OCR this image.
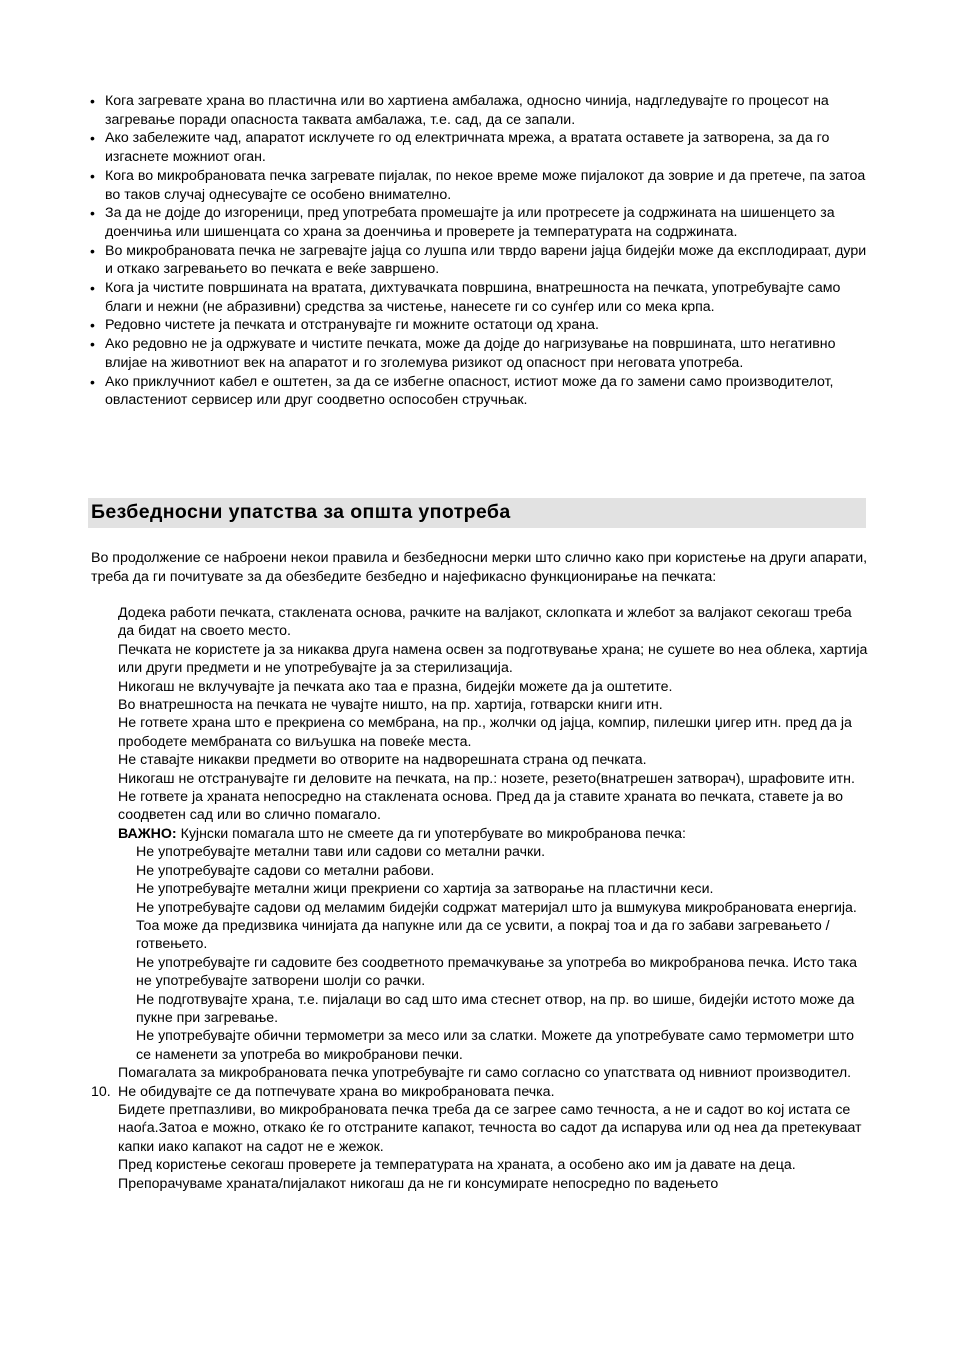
• Кога загревате храна во пластична или во хартиена амбалажа, односно чинија, надгледувајте го процесот на загревање поради опасноста таквата амбалажа, т.е. сад, да се запали.
• Ако забележите чад, апаратот исклучете го од електричната мрежа, а вратата оставете ја затворена, за да го изгаснете можниот оган.
• Кога во микробрановата печка загревате пијалак, по некое време може пијалокот да зоврие и да претече, па затоа во таков случај однесувајте се особено внимателно.
• За да не дојде до изгореници, пред употребата промешајте ја или протресете ја содржината на шишенцето за доенчиња или шишенцата со храна за доенчиња и проверете ја температурата на содржината.
• Во микробрановата печка не загревајте јајца со лушпа или тврдо варени јајца бидејќи може да експлодираат, дури и откако загревањето во печката е веќе завршено.
• Кога ја чистите површината на вратата, дихтувачката површина, внатрешноста на печката, употребувајте само благи и нежни (не абразивни) средства за чистење, нанесете ги со сунѓер или со мека крпа.
• Редовно чистете ја печката и отстранувајте ги можните остатоци од храна.
• Ако редовно не ја одржувате и чистите печката, може да дојде до нагризување на површината, што негативно влијае на животниот век на апаратот и го зголемува ризикот од опасност при неговата употреба.
• Ако приклучниот кабел е оштетен, за да се избегне опасност, истиот може да го замени само производителот, овластениот сервисер или друг соодветно оспособен стручњак.
Безбедносни упатства за општа употреба

Во продолжение се наброени некои правила и безбедносни мерки што слично како при користење на други апарати, треба да ги почитувате за да обезбедите безбедно и најефикасно функционирање на печката:

Додека работи печката, стаклената основа, рачките на валјакот, склопката и жлебот за валјакот секогаш треба да бидат на своето место.
Печката не користете ја за никаква друга намена освен за подготвување храна; не сушете во неа облека, хартија или други предмети и не употребувајте ја за стерилизација.
Никогаш не вклучувајте ја печката ако таа е празна, бидејќи можете да ја оштетите.
Во внатрешноста на печката не чувајте ништо, на пр. хартија, готварски книги итн.
Не гответе храна што е прекриена со мембрана, на пр., жолчки од јајца, компир, пилешки џигер итн. пред да ја прободете мембраната со виљушка на повеќе места.
Не ставајте никакви предмети во отворите на надворешната страна од печката.
Никогаш не отстранувајте ги деловите на печката, на пр.: нозете, резето(внатрешен затворач), шрафовите итн.
Не гответе ја храната непосредно на стаклената основа. Пред да ја ставите храната во печката, ставете ја во соодветен сад или во слично помагало.
ВАЖНО: Кујнски помагала што не смеете да ги употербувате во микробранова печка:
Не употребувајте метални тави или садови со метални рачки.
Не употребувајте садови со метални рабови.
Не употребувајте метални жици прекриени со хартија за затворање на пластични кеси.
Не употребувајте садови од меламим бидејќи содржат материјал што ја вшмукува микробрановата енергија. Тоа може да предизвика чинијата да напукне или да се усвити, а покрај тоа и да го забави загревањето / готвењето.
Не употребувајте ги садовите без соодветното премачкување за употреба во микробранова печка. Исто така не употребувајте затворени шолји со рачки.
Не подготвувајте храна, т.е. пијалаци во сад што има стеснет отвор, на пр. во шише, бидејќи истото може да пукне при загревање.
Не употребувајте обични термометри за месо или за слатки. Можете да употребувате само термометри што се наменети за употреба во микробранови печки.
Помагалата за микробрановата печка употребувајте ги само согласно со упатствата од нивниот производител.
10. Не обидувајте се да потпечувате храна во микробрановата печка.
Бидете претпазливи, во микробрановата печка треба да се загрее само течноста, а не и садот во кој истата се наоѓа.Затоа е можно, откако ќе го отстраните капакот, течноста во садот да испарува или од неа да претекуваат капки иако капакот на садот не е жежок.
Пред користење секогаш проверете ја температурата на храната, а особено ако им ја давате на деца. Препорачуваме храната/пијалакот никогаш да не ги консумирате непосредно по вадењето
